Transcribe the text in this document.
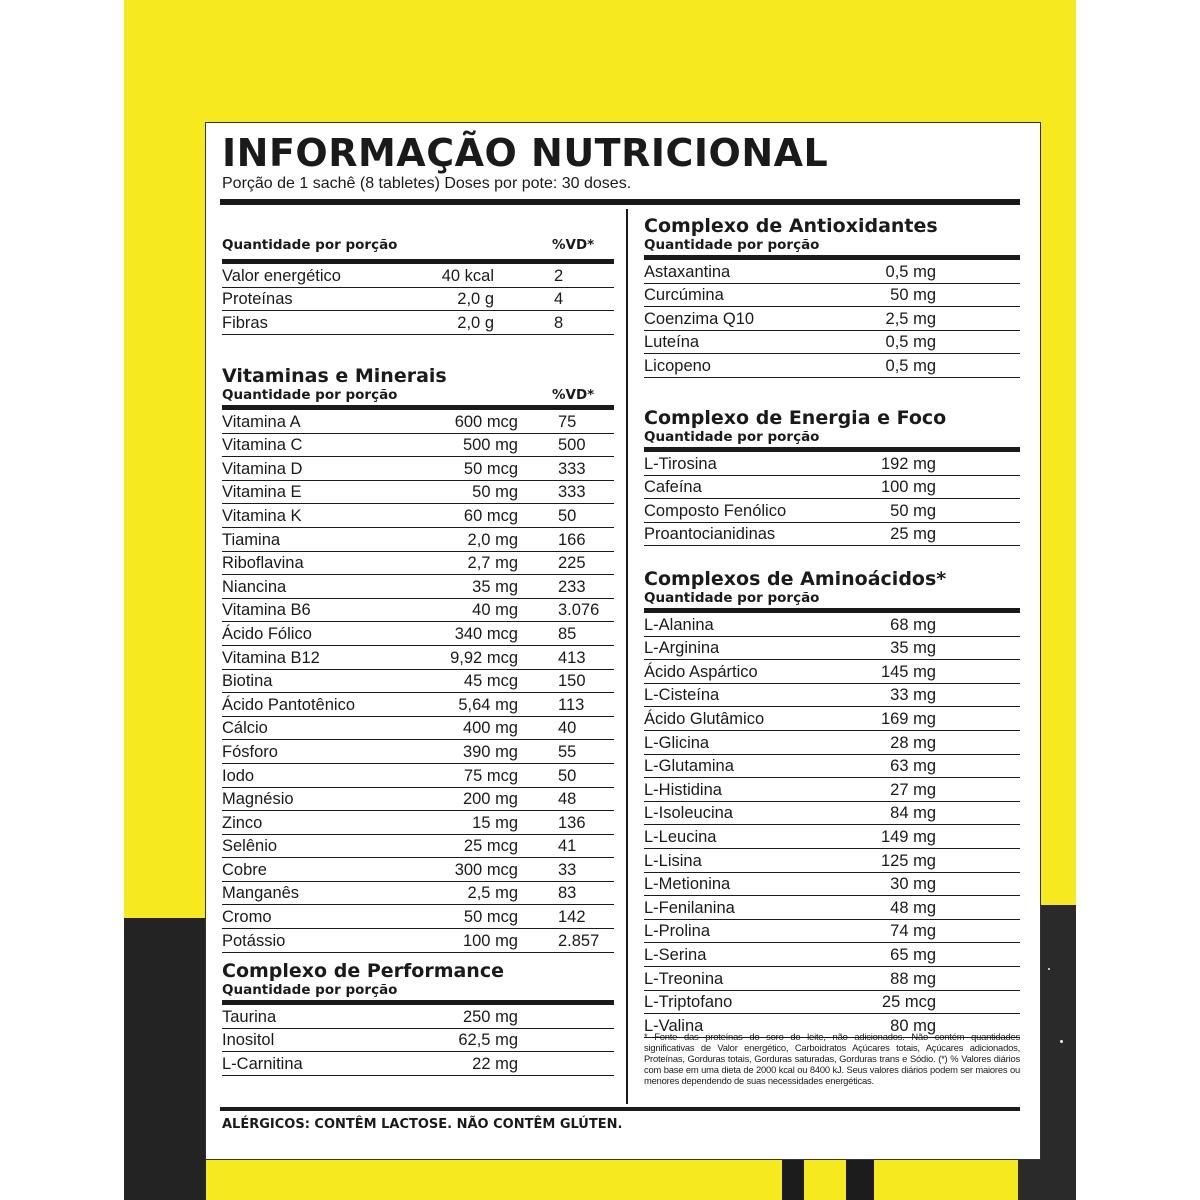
INFORMAÇÃO NUTRICIONAL
Porção de 1 sachê (8 tabletes) Doses por pote: 30 doses.
Quantidade por porção	%VD*
Valor energético	40 kcal	2
Proteínas	2,0 g	4
Fibras	2,0 g	8
Vitaminas e Minerais
Quantidade por porção	%VD*
Vitamina A	600 mcg 75
Vitamina C	500 mg 500
Vitamina D	50 mcg 333
Vitamina E	50 mg 333
Vitamina K	60 mcg 50
Tiamina	2,0 mg 166
Riboflavina	2,7 mg 225
Niancina	35 mg 233
Vitamina B6	40 mg 3.076
Ácido Fólico	340 mcg 85
Vitamina B12	9,92 mcg 413
Biotina	45 mcg 150
Ácido Pantotênico	5,64 mg 113
Cálcio	400 mg 40
Fósforo	390 mg 55
Iodo	75 mcg 50
Magnésio	200 mg 48
Zinco	15 mg 136
Selênio	25 mcg 41
Cobre	300 mcg 33
Manganês	2,5 mg 83
Cromo	50 mcg 142
Potássio	100 mg 2.857
Complexo de Performance
Quantidade por porção
Taurina	250 mg
Inositol	62,5 mg
L-Carnitina	22 mg
Complexo de Antioxidantes
Quantidade por porção
Astaxantina	0,5 mg
Curcúmina	50 mg
Coenzima Q10	2,5 mg
Luteína	0,5 mg
Licopeno	0,5 mg
Complexo de Energia e Foco
Quantidade por porção
L-Tirosina	192 mg
Cafeína	100 mg
Composto Fenólico	50 mg
Proantocianidinas	25 mg
Complexos de Aminoácidos*
Quantidade por porção
L-Alanina	68 mg
L-Arginina	35 mg
Ácido Aspártico	145 mg
L-Cisteína	33 mg
Ácido Glutâmico	169 mg
L-Glicina	28 mg
L-Glutamina	63 mg
L-Histidina	27 mg
L-Isoleucina	84 mg
L-Leucina	149 mg
L-Lisina	125 mg
L-Metionina	30 mg
L-Fenilanina	48 mg
L-Prolina	74 mg
L-Serina	65 mg
L-Treonina	88 mg
L-Triptofano	25 mcg
L-Valina	80 mg
* Fonte das proteínas do soro do leite, não adicionados. Não contém quantidades significativas de Valor energético, Carboidratos Açúcares totais, Açúcares adicionados, Proteínas, Gorduras totais, Gorduras saturadas, Gorduras trans e Sódio. (*) % Valores diários com base em uma dieta de 2000 kcal ou 8400 kJ. Seus valores diários podem ser maiores ou menores dependendo de suas necessidades energéticas.
ALÉRGICOS: CONTÊM LACTOSE. NÃO CONTÊM GLÚTEN.
